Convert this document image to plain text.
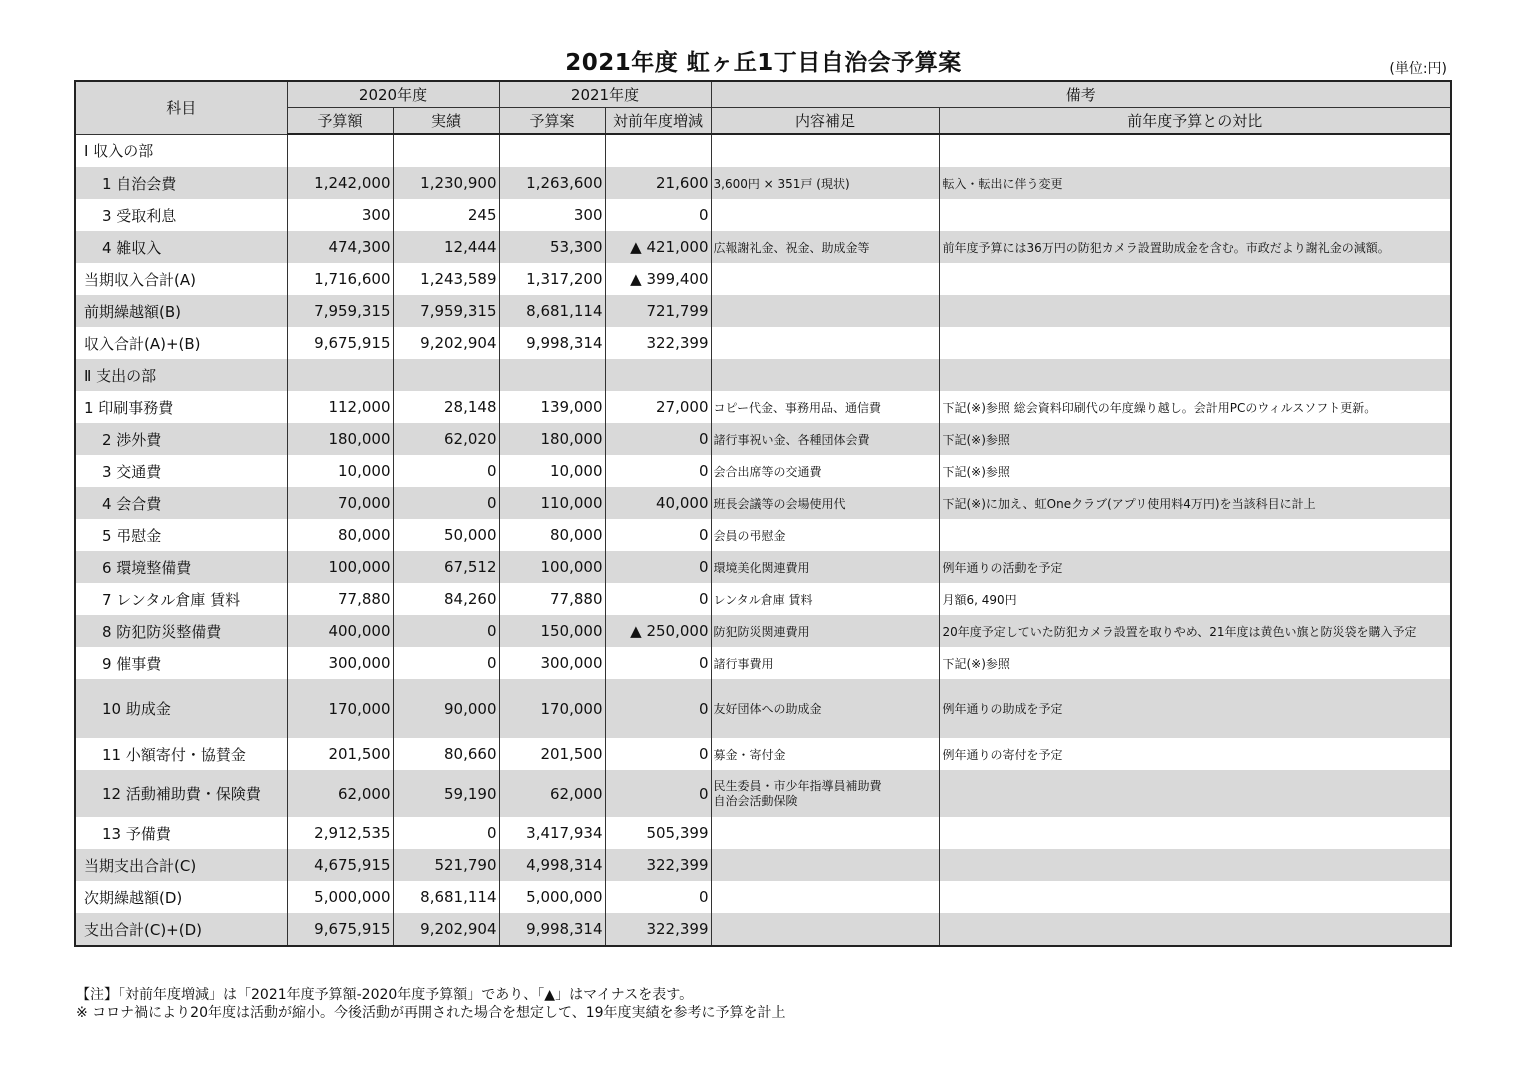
2021年度 虹ヶ丘1丁目自治会予算案	(単位:円)
科目	2020年度		2021年度		備考	
	予算額	実績	予算案	対前年度増減	内容補足	前年度予算との対比
Ⅰ 収入の部						
1 自治会費	1,242,000	1,230,900	1,263,600	21,600	3,600円 × 351戸 (現状)	転入・転出に伴う変更
3 受取利息	300	245	300	0		
4 雑収入	474,300	12,444	53,300	▲ 421,000	広報謝礼金、祝金、助成金等	前年度予算には36万円の防犯カメラ設置助成金を含む。市政だより謝礼金の減額。
当期収入合計(A)	1,716,600	1,243,589	1,317,200	▲ 399,400		
前期繰越額(B)	7,959,315	7,959,315	8,681,114	721,799		
収入合計(A)+(B)	9,675,915	9,202,904	9,998,314	322,399		
Ⅱ 支出の部						
1 印刷事務費	112,000	28,148	139,000	27,000	コピー代金、事務用品、通信費	下記(※)参照 総会資料印刷代の年度繰り越し。会計用PCのウィルスソフト更新。
2 渉外費	180,000	62,020	180,000	0	諸行事祝い金、各種団体会費	下記(※)参照
3 交通費	10,000	0	10,000	0	会合出席等の交通費	下記(※)参照
4 会合費	70,000	0	110,000	40,000	班長会議等の会場使用代	下記(※)に加え、虹Oneクラブ(アプリ使用料4万円)を当該科目に計上
5 弔慰金	80,000	50,000	80,000	0	会員の弔慰金	
6 環境整備費	100,000	67,512	100,000	0	環境美化関連費用	例年通りの活動を予定
7 レンタル倉庫 賃料	77,880	84,260	77,880	0	レンタル倉庫 賃料	月額6, 490円
8 防犯防災整備費	400,000	0	150,000	▲ 250,000	防犯防災関連費用	20年度予定していた防犯カメラ設置を取りやめ、21年度は黄色い旗と防災袋を購入予定
9 催事費	300,000	0	300,000	0	諸行事費用	下記(※)参照
10 助成金	170,000	90,000	170,000	0	友好団体への助成金	例年通りの助成を予定
11 小額寄付・協賛金	201,500	80,660	201,500	0	募金・寄付金	例年通りの寄付を予定
12 活動補助費・保険費	62,000	59,190	62,000	0	民生委員・市少年指導員補助費
自治会活動保険	
13 予備費	2,912,535	0	3,417,934	505,399		
当期支出合計(C)	4,675,915	521,790	4,998,314	322,399		
次期繰越額(D)	5,000,000	8,681,114	5,000,000	0		
支出合計(C)+(D)	9,675,915	9,202,904	9,998,314	322,399		
【注】「対前年度増減」は「2021年度予算額-2020年度予算額」であり、「▲」はマイナスを表す。
※ コロナ禍により20年度は活動が縮小。今後活動が再開された場合を想定して、19年度実績を参考に予算を計上
